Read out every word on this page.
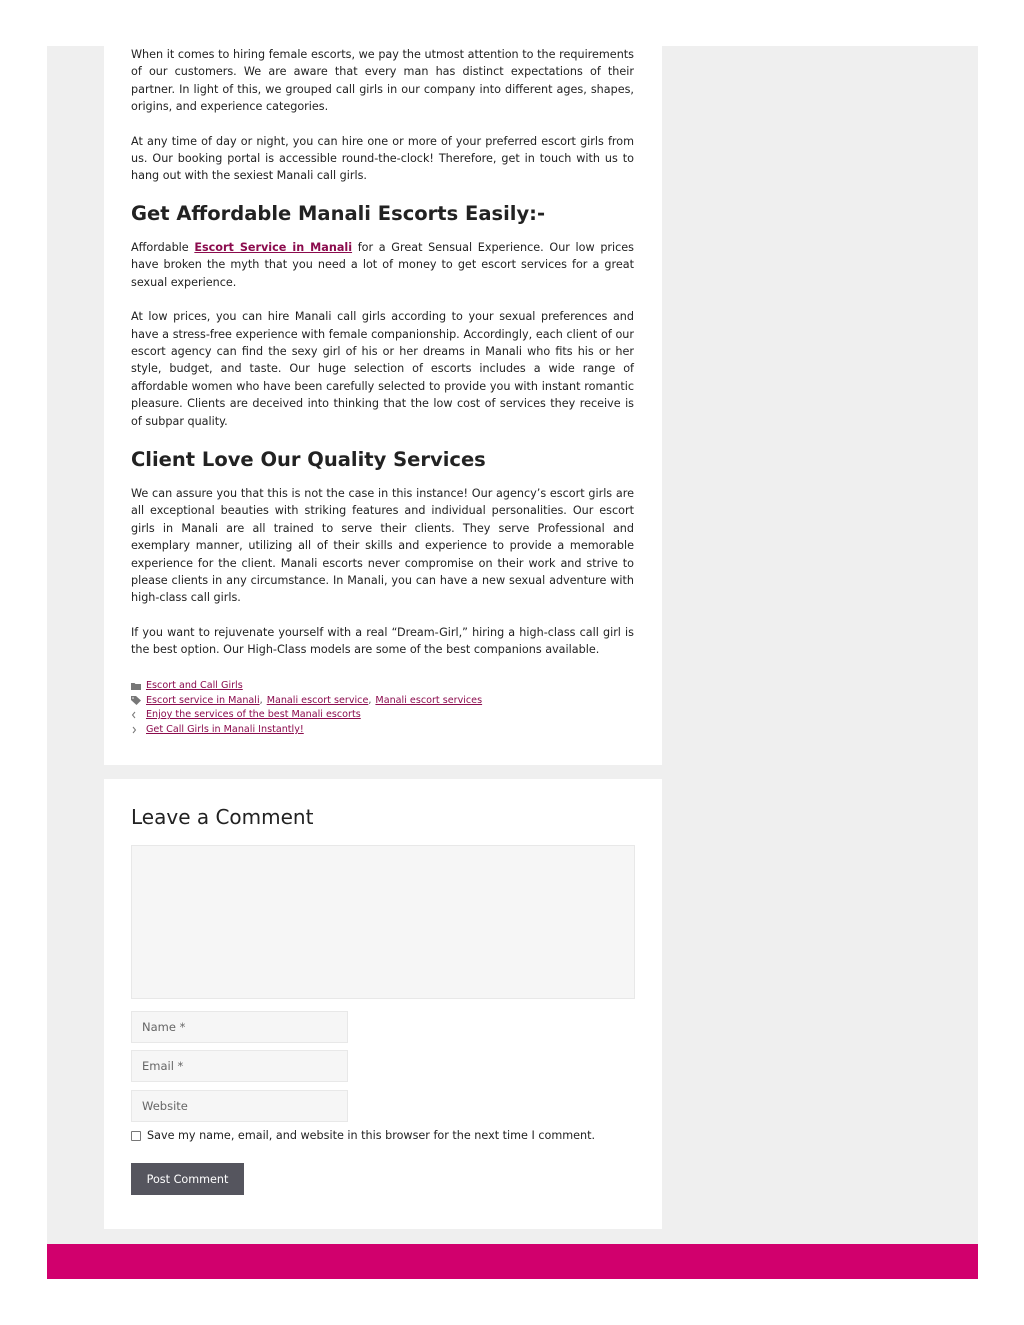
When it comes to hiring female escorts, we pay the utmost attention to the requirements of our customers. We are aware that every man has distinct expectations of their partner. In light of this, we grouped call girls in our company into different ages, shapes, origins, and experience categories.

At any time of day or night, you can hire one or more of your preferred escort girls from us. Our booking portal is accessible round-the-clock! Therefore, get in touch with us to hang out with the sexiest Manali call girls.

Get Affordable Manali Escorts Easily:-

Affordable Escort Service in Manali for a Great Sensual Experience. Our low prices have broken the myth that you need a lot of money to get escort services for a great sexual experience.

At low prices, you can hire Manali call girls according to your sexual preferences and have a stress-free experience with female companionship. Accordingly, each client of our escort agency can find the sexy girl of his or her dreams in Manali who fits his or her style, budget, and taste. Our huge selection of escorts includes a wide range of affordable women who have been carefully selected to provide you with instant romantic pleasure. Clients are deceived into thinking that the low cost of services they receive is of subpar quality.

Client Love Our Quality Services

We can assure you that this is not the case in this instance! Our agency’s escort girls are all exceptional beauties with striking features and individual personalities. Our escort girls in Manali are all trained to serve their clients. They serve Professional and exemplary manner, utilizing all of their skills and experience to provide a memorable experience for the client. Manali escorts never compromise on their work and strive to please clients in any circumstance. In Manali, you can have a new sexual adventure with high-class call girls.

If you want to rejuvenate yourself with a real “Dream-Girl,” hiring a high-class call girl is the best option. Our High-Class models are some of the best companions available.

Escort and Call Girls
Escort service in Manali , Manali escort service , Manali escort services
Enjoy the services of the best Manali escorts
Get Call Girls in Manali Instantly!
Leave a Comment
Name *
Email *
Website
Save my name, email, and website in this browser for the next time I comment.
Post Comment
